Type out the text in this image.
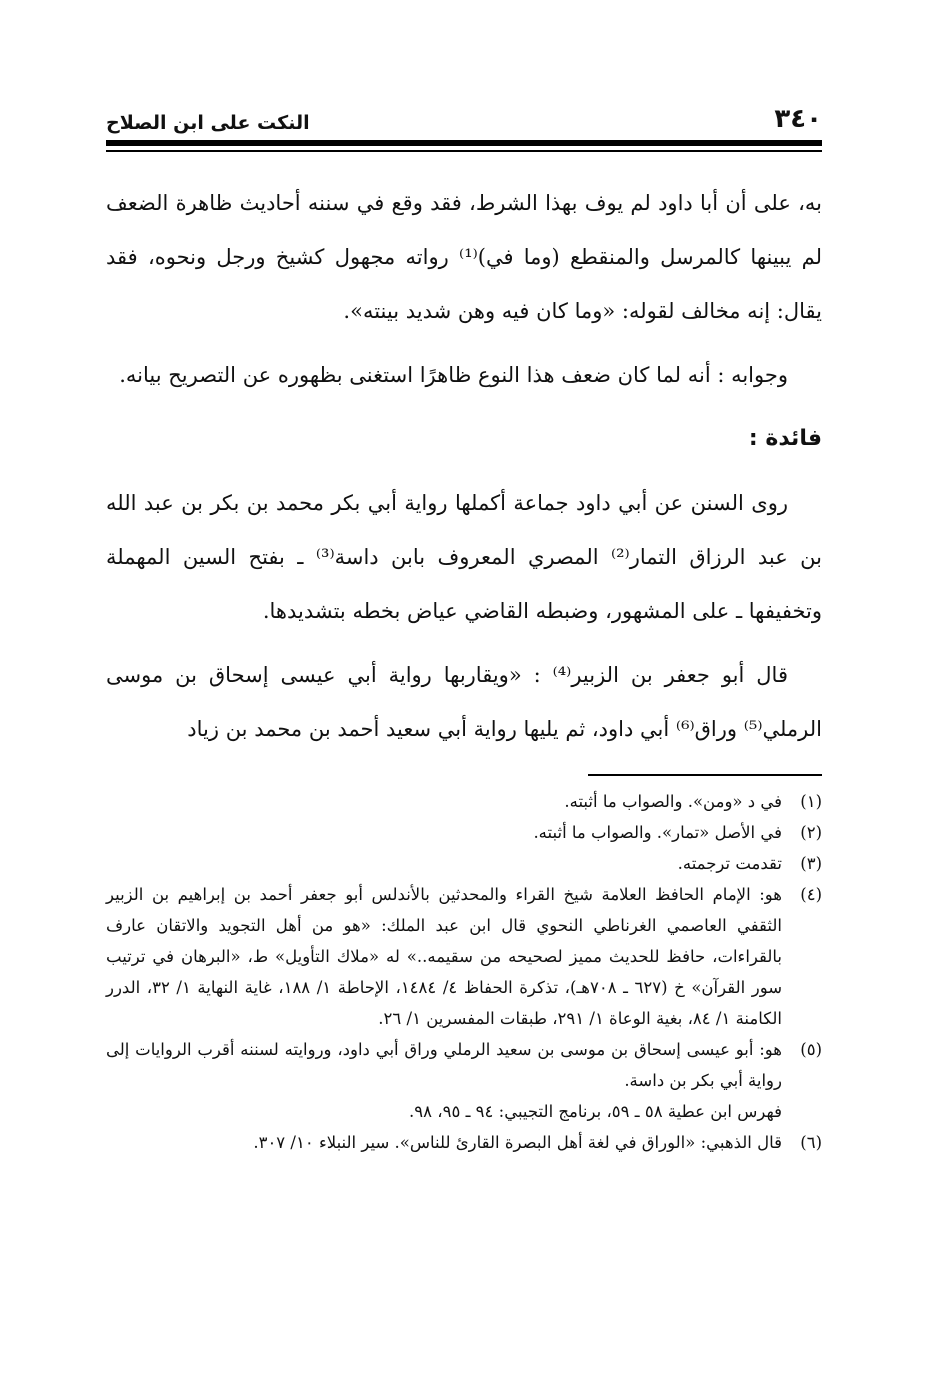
٣٤٠
النكت على ابن الصلاح

به، على أن أبا داود لم يوف بهذا الشرط، فقد وقع في سننه أحاديث ظاهرة الضعف لم يبينها كالمرسل والمنقطع (وما في)⁽¹⁾ رواته مجهول كشيخ ورجل ونحوه، فقد يقال: إنه مخالف لقوله: «وما كان فيه وهن شديد بينته».

وجوابه : أنه لما كان ضعف هذا النوع ظاهرًا استغنى بظهوره عن التصريح بيانه.

فائدة :

روى السنن عن أبي داود جماعة أكملها رواية أبي بكر محمد بن بكر بن عبد الله بن عبد الرزاق التمار⁽²⁾ المصري المعروف بابن داسة⁽³⁾ ـ بفتح السين المهملة وتخفيفها ـ على المشهور، وضبطه القاضي عياض بخطه بتشديدها.

قال أبو جعفر بن الزبير⁽⁴⁾ : «ويقاربها رواية أبي عيسى إسحاق بن موسى الرملي⁽⁵⁾ وراق⁽⁶⁾ أبي داود، ثم يليها رواية أبي سعيد أحمد بن محمد بن زياد

(١)
في د «ومن». والصواب ما أثبته.
(٢)
في الأصل «تمار». والصواب ما أثبته.
(٣)
تقدمت ترجمته.
(٤)
هو: الإمام الحافظ العلامة شيخ القراء والمحدثين بالأندلس أبو جعفر أحمد بن إبراهيم بن الزبير الثقفي العاصمي الغرناطي النحوي قال ابن عبد الملك: «هو من أهل التجويد والاتقان عارف بالقراءات، حافظ للحديث مميز لصحيحه من سقيمه..» له «ملاك التأويل» ط، «البرهان في ترتيب سور القرآن» خ (٦٢٧ ـ ٧٠٨هـ)، تذكرة الحفاظ ٤/ ١٤٨٤، الإحاطة ١/ ١٨٨، غاية النهاية ١/ ٣٢، الدرر الكامنة ١/ ٨٤، بغية الوعاة ١/ ٢٩١، طبقات المفسرين ١/ ٢٦.
(٥)
هو: أبو عيسى إسحاق بن موسى بن سعيد الرملي وراق أبي داود، وروايته لسننه أقرب الروايات إلى رواية أبي بكر بن داسة.
فهرس ابن عطية ٥٨ ـ ٥٩، برنامج التجيبي: ٩٤ ـ ٩٥، ٩٨.
(٦)
قال الذهبي: «الوراق في لغة أهل البصرة القارئ للناس». سير النبلاء ١٠/ ٣٠٧.
